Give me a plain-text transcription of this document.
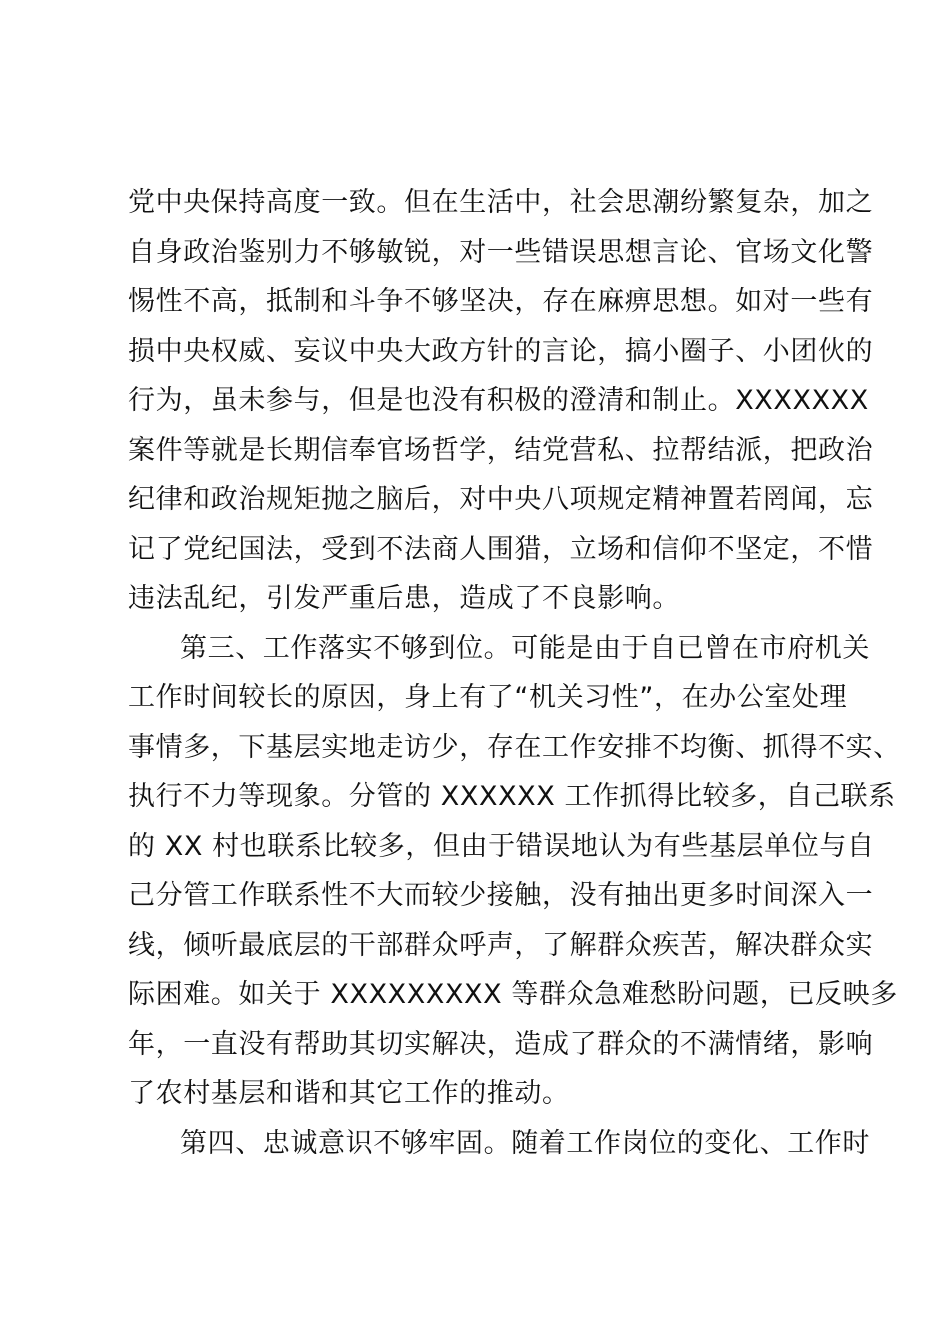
党中央保持高度一致。但在生活中，社会思潮纷繁复杂，加之
自身政治鉴别力不够敏锐，对一些错误思想言论、官场文化警
惕性不高，抵制和斗争不够坚决，存在麻痹思想。如对一些有
损中央权威、妄议中央大政方针的言论，搞小圈子、小团伙的
行为，虽未参与，但是也没有积极的澄清和制止。XXXXXXX
案件等就是长期信奉官场哲学，结党营私、拉帮结派，把政治
纪律和政治规矩抛之脑后，对中央八项规定精神置若罔闻，忘
记了党纪国法，受到不法商人围猎，立场和信仰不坚定，不惜
违法乱纪，引发严重后患，造成了不良影响。
第三、工作落实不够到位。可能是由于自已曾在市府机关
工作时间较长的原因，身上有了“机关习性”，在办公室处理
事情多，下基层实地走访少，存在工作安排不均衡、抓得不实、
执行不力等现象。分管的 XXXXXX 工作抓得比较多，自己联系
的 XX 村也联系比较多，但由于错误地认为有些基层单位与自
己分管工作联系性不大而较少接触，没有抽出更多时间深入一
线，倾听最底层的干部群众呼声，了解群众疾苦，解决群众实
际困难。如关于 XXXXXXXXX 等群众急难愁盼问题，已反映多
年，一直没有帮助其切实解决，造成了群众的不满情绪，影响
了农村基层和谐和其它工作的推动。
第四、忠诚意识不够牢固。随着工作岗位的变化、工作时
